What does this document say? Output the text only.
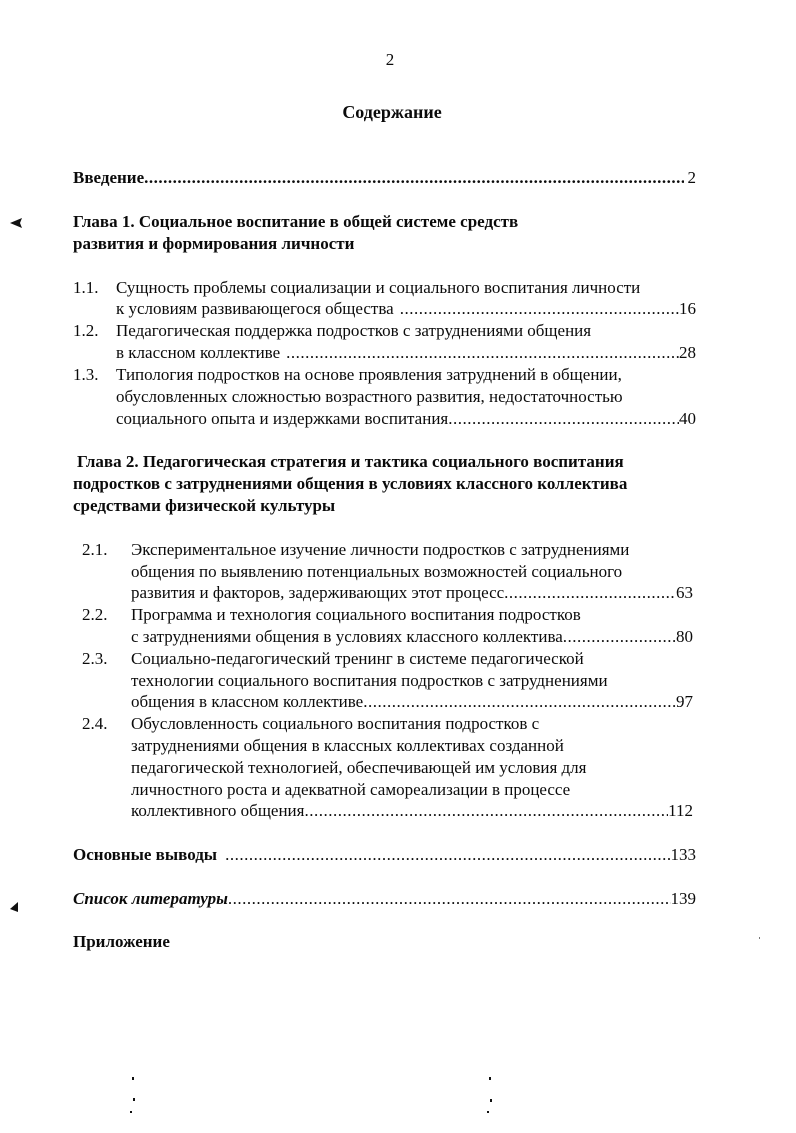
2
Содержание
Введение .....	2
Глава 1. Социальное воспитание в общей системе средств
развития и формирования личности
1.1. Сущность проблемы социализации и социального воспитания личности
к условиям развивающегося общества .....	16
1.2. Педагогическая поддержка подростков с затруднениями общения
в классном коллективе .....	28
1.3. Типология подростков на основе проявления затруднений в общении,
обусловленных сложностью возрастного развития, недостаточностью
социального опыта и издержками воспитания .....	40
Глава 2. Педагогическая стратегия и тактика социального воспитания
подростков с затруднениями общения в условиях классного коллектива
средствами физической культуры
2.1. Экспериментальное изучение личности подростков с затруднениями
общения по выявлению потенциальных возможностей социального
развития и факторов, задерживающих этот процесс .....	63
2.2. Программа и технология социального воспитания подростков
с затруднениями общения в условиях классного коллектива .....	80
2.3. Социально-педагогический тренинг в системе педагогической
технологии социального воспитания подростков с затруднениями
общения в классном коллективе .....	97
2.4. Обусловленность социального воспитания подростков с
затруднениями общения в классных коллективах созданной
педагогической технологией, обеспечивающей им условия для
личностного роста и адекватной самореализации в процессе
коллективного общения .....	112
Основные выводы .....	133
Список литературы .....	139
Приложение
